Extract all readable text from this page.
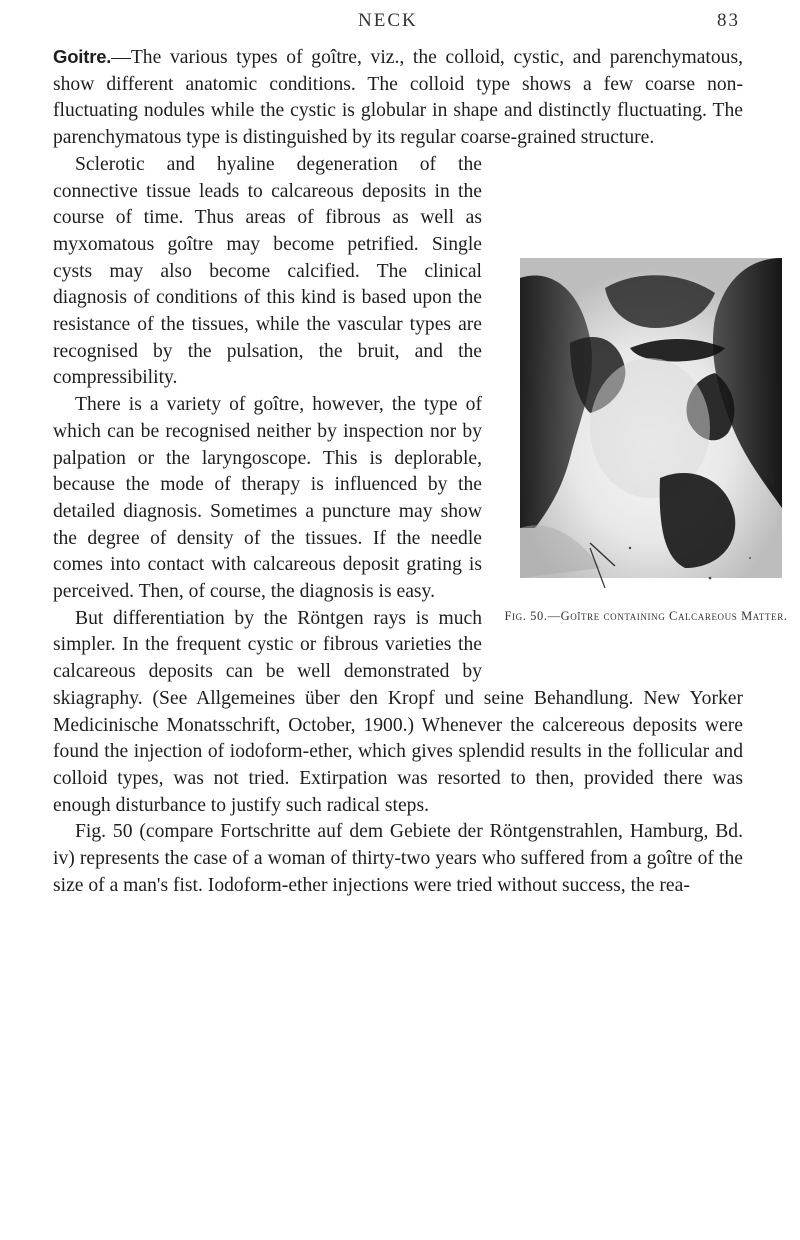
NECK	83

Goitre.—The various types of goître, viz., the colloid, cystic, and parenchymatous, show different anatomic conditions. The colloid type shows a few coarse non-fluctuating nodules while the cystic is globular in shape and distinctly fluctuating. The parenchymatous type is distinguished by its regular coarse-grained structure.

Fig. 50.—Goître containing Calcareous Matter.

Sclerotic and hyaline degeneration of the connective tissue leads to calcareous deposits in the course of time. Thus areas of fibrous as well as myxomatous goître may become petrified. Single cysts may also become calcified. The clinical diagnosis of conditions of this kind is based upon the resistance of the tissues, while the vascular types are recognised by the pulsation, the bruit, and the compressibility.

There is a variety of goître, however, the type of which can be recognised neither by inspection nor by palpation or the laryngoscope. This is deplorable, because the mode of therapy is influenced by the detailed diagnosis. Sometimes a puncture may show the degree of density of the tissues. If the needle comes into contact with calcareous deposit grating is perceived. Then, of course, the diagnosis is easy.

But differentiation by the Röntgen rays is much simpler. In the frequent cystic or fibrous varieties the calcareous deposits can be well demonstrated by skiagraphy. (See Allgemeines über den Kropf und seine Behandlung. New Yorker Medicinische Monatsschrift, October, 1900.) Whenever the calcereous deposits were found the injection of iodoform-ether, which gives splendid results in the follicular and colloid types, was not tried. Extirpation was resorted to then, provided there was enough disturbance to justify such radical steps.

Fig. 50 (compare Fortschritte auf dem Gebiete der Röntgenstrahlen, Hamburg, Bd. iv) represents the case of a woman of thirty-two years who suffered from a goître of the size of a man's fist. Iodoform-ether injections were tried without success, the rea-
